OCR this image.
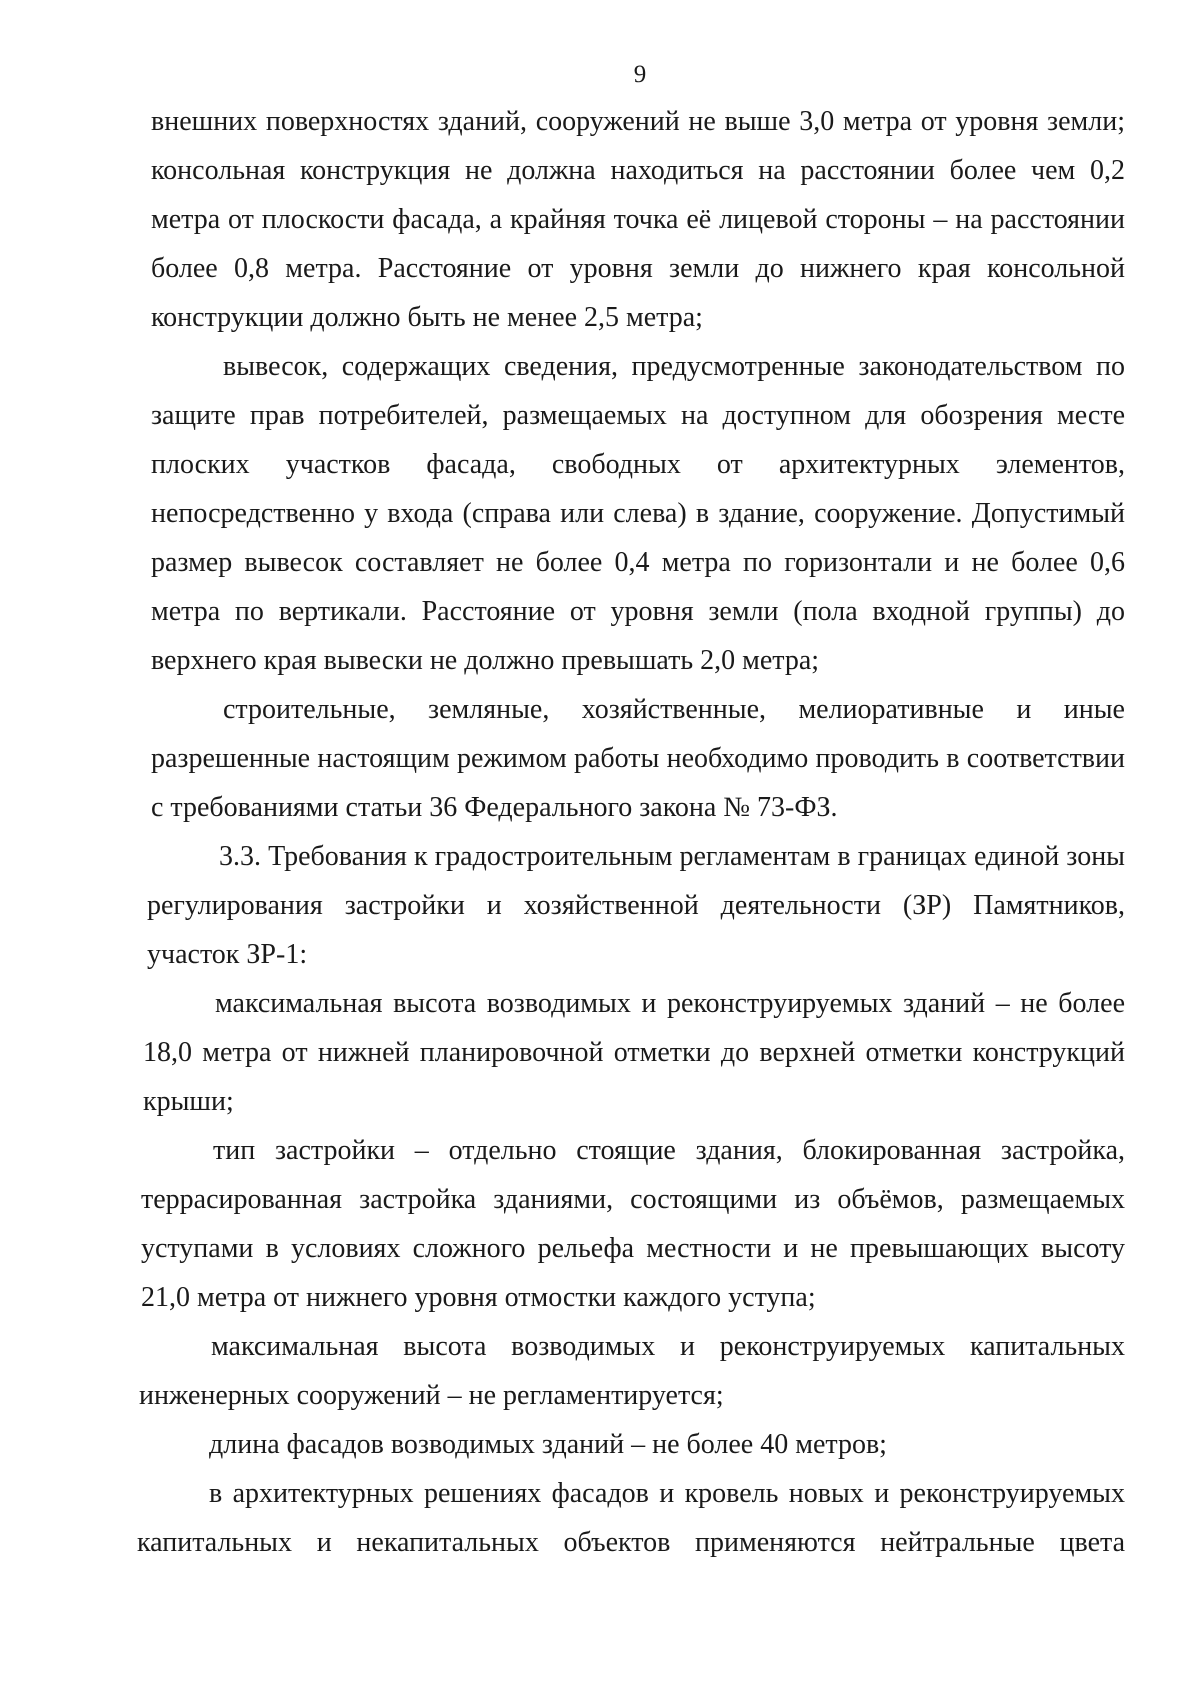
9

внешних поверхностях зданий, сооружений не выше 3,0 метра от уровня земли; консольная конструкция не должна находиться на расстоянии более чем 0,2 метра от плоскости фасада, а крайняя точка её лицевой стороны – на расстоянии более 0,8 метра. Расстояние от уровня земли до нижнего края консольной конструкции должно быть не менее 2,5 метра;

вывесок, содержащих сведения, предусмотренные законодательством по защите прав потребителей, размещаемых на доступном для обозрения месте плоских участков фасада, свободных от архитектурных элементов, непосредственно у входа (справа или слева) в здание, сооружение. Допустимый размер вывесок составляет не более 0,4 метра по горизонтали и не более 0,6 метра по вертикали. Расстояние от уровня земли (пола входной группы) до верхнего края вывески не должно превышать 2,0 метра;

строительные, земляные, хозяйственные, мелиоративные и иные разрешенные настоящим режимом работы необходимо проводить в соответствии с требованиями статьи 36 Федерального закона № 73-ФЗ.

3.3. Требования к градостроительным регламентам в границах единой зоны регулирования застройки и хозяйственной деятельности (ЗР) Памятников, участок ЗР-1:

максимальная высота возводимых и реконструируемых зданий – не более 18,0 метра от нижней планировочной отметки до верхней отметки конструкций крыши;

тип застройки – отдельно стоящие здания, блокированная застройка, террасированная застройка зданиями, состоящими из объёмов, размещаемых уступами в условиях сложного рельефа местности и не превышающих высоту 21,0 метра от нижнего уровня отмостки каждого уступа;

максимальная высота возводимых и реконструируемых капитальных инженерных сооружений – не регламентируется;

длина фасадов возводимых зданий – не более 40 метров;

в архитектурных решениях фасадов и кровель новых и реконструируемых капитальных и некапитальных объектов применяются нейтральные цвета
